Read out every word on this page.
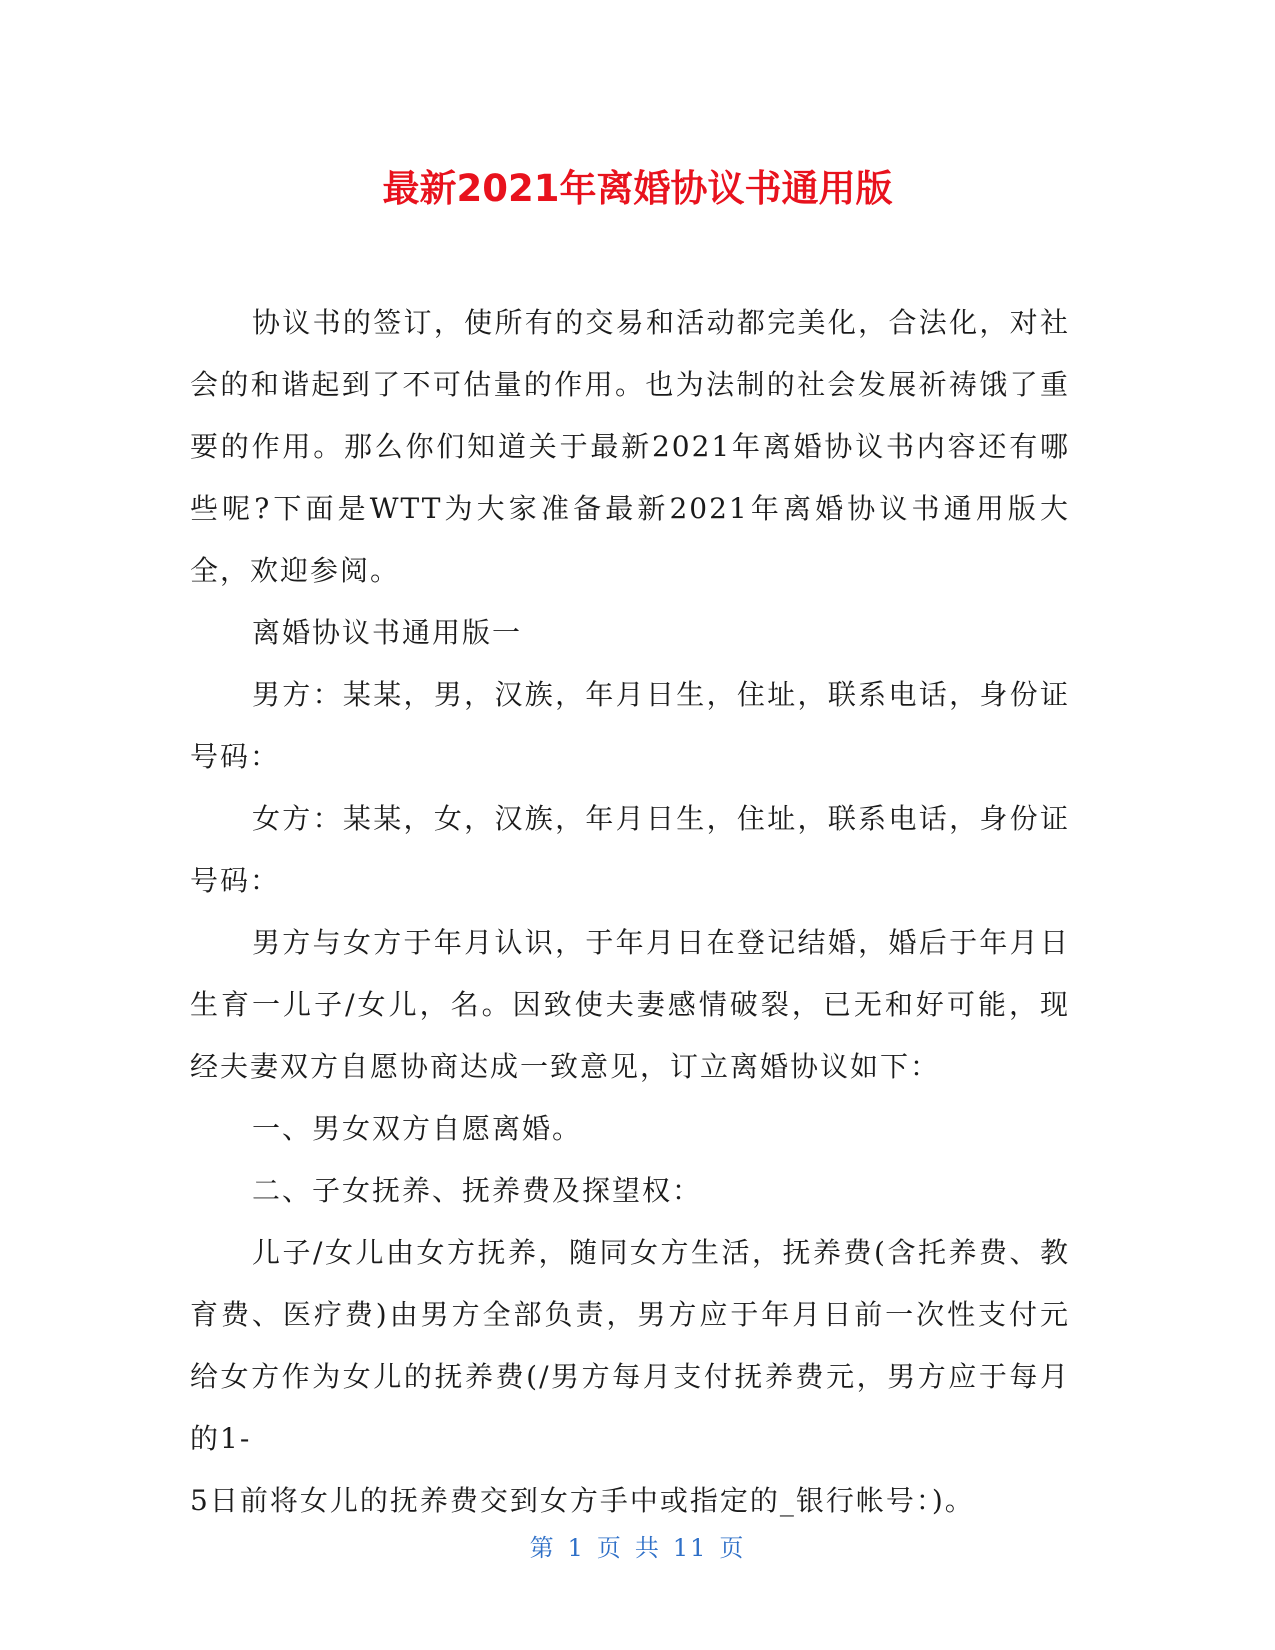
最新2021年离婚协议书通用版

协议书的签订，使所有的交易和活动都完美化，合法化，对社会的和谐起到了不可估量的作用。也为法制的社会发展祈祷饿了重要的作用。那么你们知道关于最新2021年离婚协议书内容还有哪些呢?下面是WTT为大家准备最新2021年离婚协议书通用版大全，欢迎参阅。

离婚协议书通用版一

男方：某某，男，汉族，年月日生，住址，联系电话，身份证号码：

女方：某某，女，汉族，年月日生，住址，联系电话，身份证号码：

男方与女方于年月认识，于年月日在登记结婚，婚后于年月日生育一儿子/女儿，名。因致使夫妻感情破裂，已无和好可能，现经夫妻双方自愿协商达成一致意见，订立离婚协议如下：

一、男女双方自愿离婚。

二、子女抚养、抚养费及探望权：

儿子/女儿由女方抚养，随同女方生活，抚养费(含托养费、教育费、医疗费)由男方全部负责，男方应于年月日前一次性支付元给女方作为女儿的抚养费(/男方每月支付抚养费元，男方应于每月的1-

5日前将女儿的抚养费交到女方手中或指定的_银行帐号：)。

第 1 页 共 11 页
